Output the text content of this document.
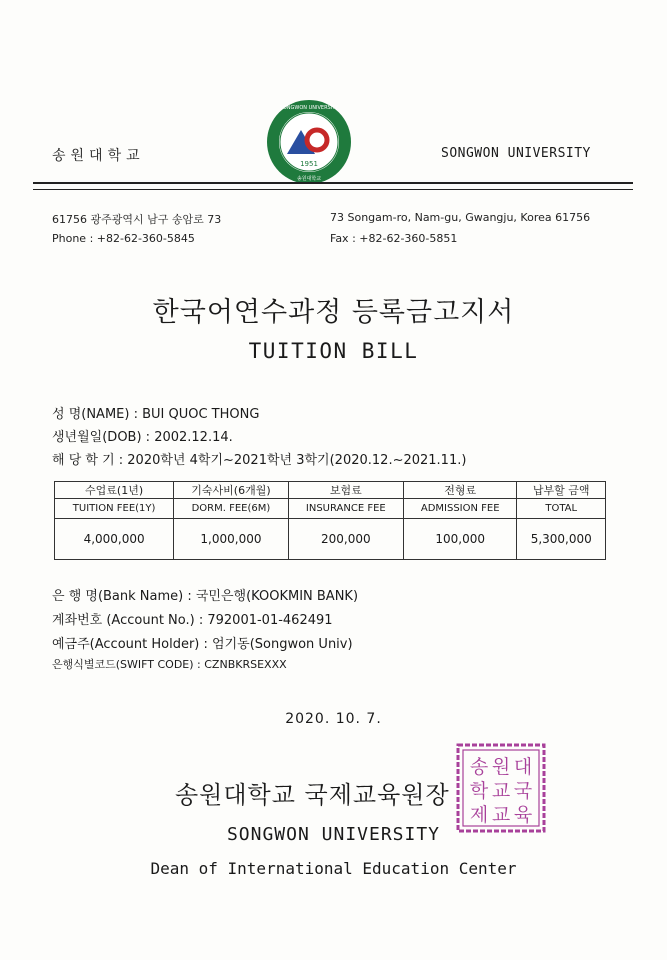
송원대학교	1951
SONGWON UNIVERSITY
송원대학교
SONGWON UNIVERSITY
61756 광주광역시 남구 송암로 73	73 Songam-ro, Nam-gu, Gwangju, Korea 61756
Phone : +82-62-360-5845	Fax : +82-62-360-5851
한국어연수과정 등록금고지서
TUITION BILL
성 명(NAME) : BUI QUOC THONG
생년월일(DOB) : 2002.12.14.
해 당 학 기 : 2020학년 4학기~2021학년 3학기(2020.12.~2021.11.)
수업료(1년)	기숙사비(6개월)	보험료	전형료	납부할 금액
TUITION FEE(1Y)	DORM. FEE(6M)	INSURANCE FEE	ADMISSION FEE	TOTAL
4,000,000	1,000,000	200,000	100,000	5,300,000
은 행 명(Bank Name) : 국민은행(KOOKMIN BANK)
계좌번호 (Account No.) : 792001-01-462491
예금주(Account Holder) : 엄기동(Songwon Univ)
은행식별코드(SWIFT CODE) : CZNBKRSEXXX
2020. 10. 7.
송 원 대
학 교 국
제 교 육
송원대학교 국제교육원장
SONGWON UNIVERSITY
Dean of International Education Center
